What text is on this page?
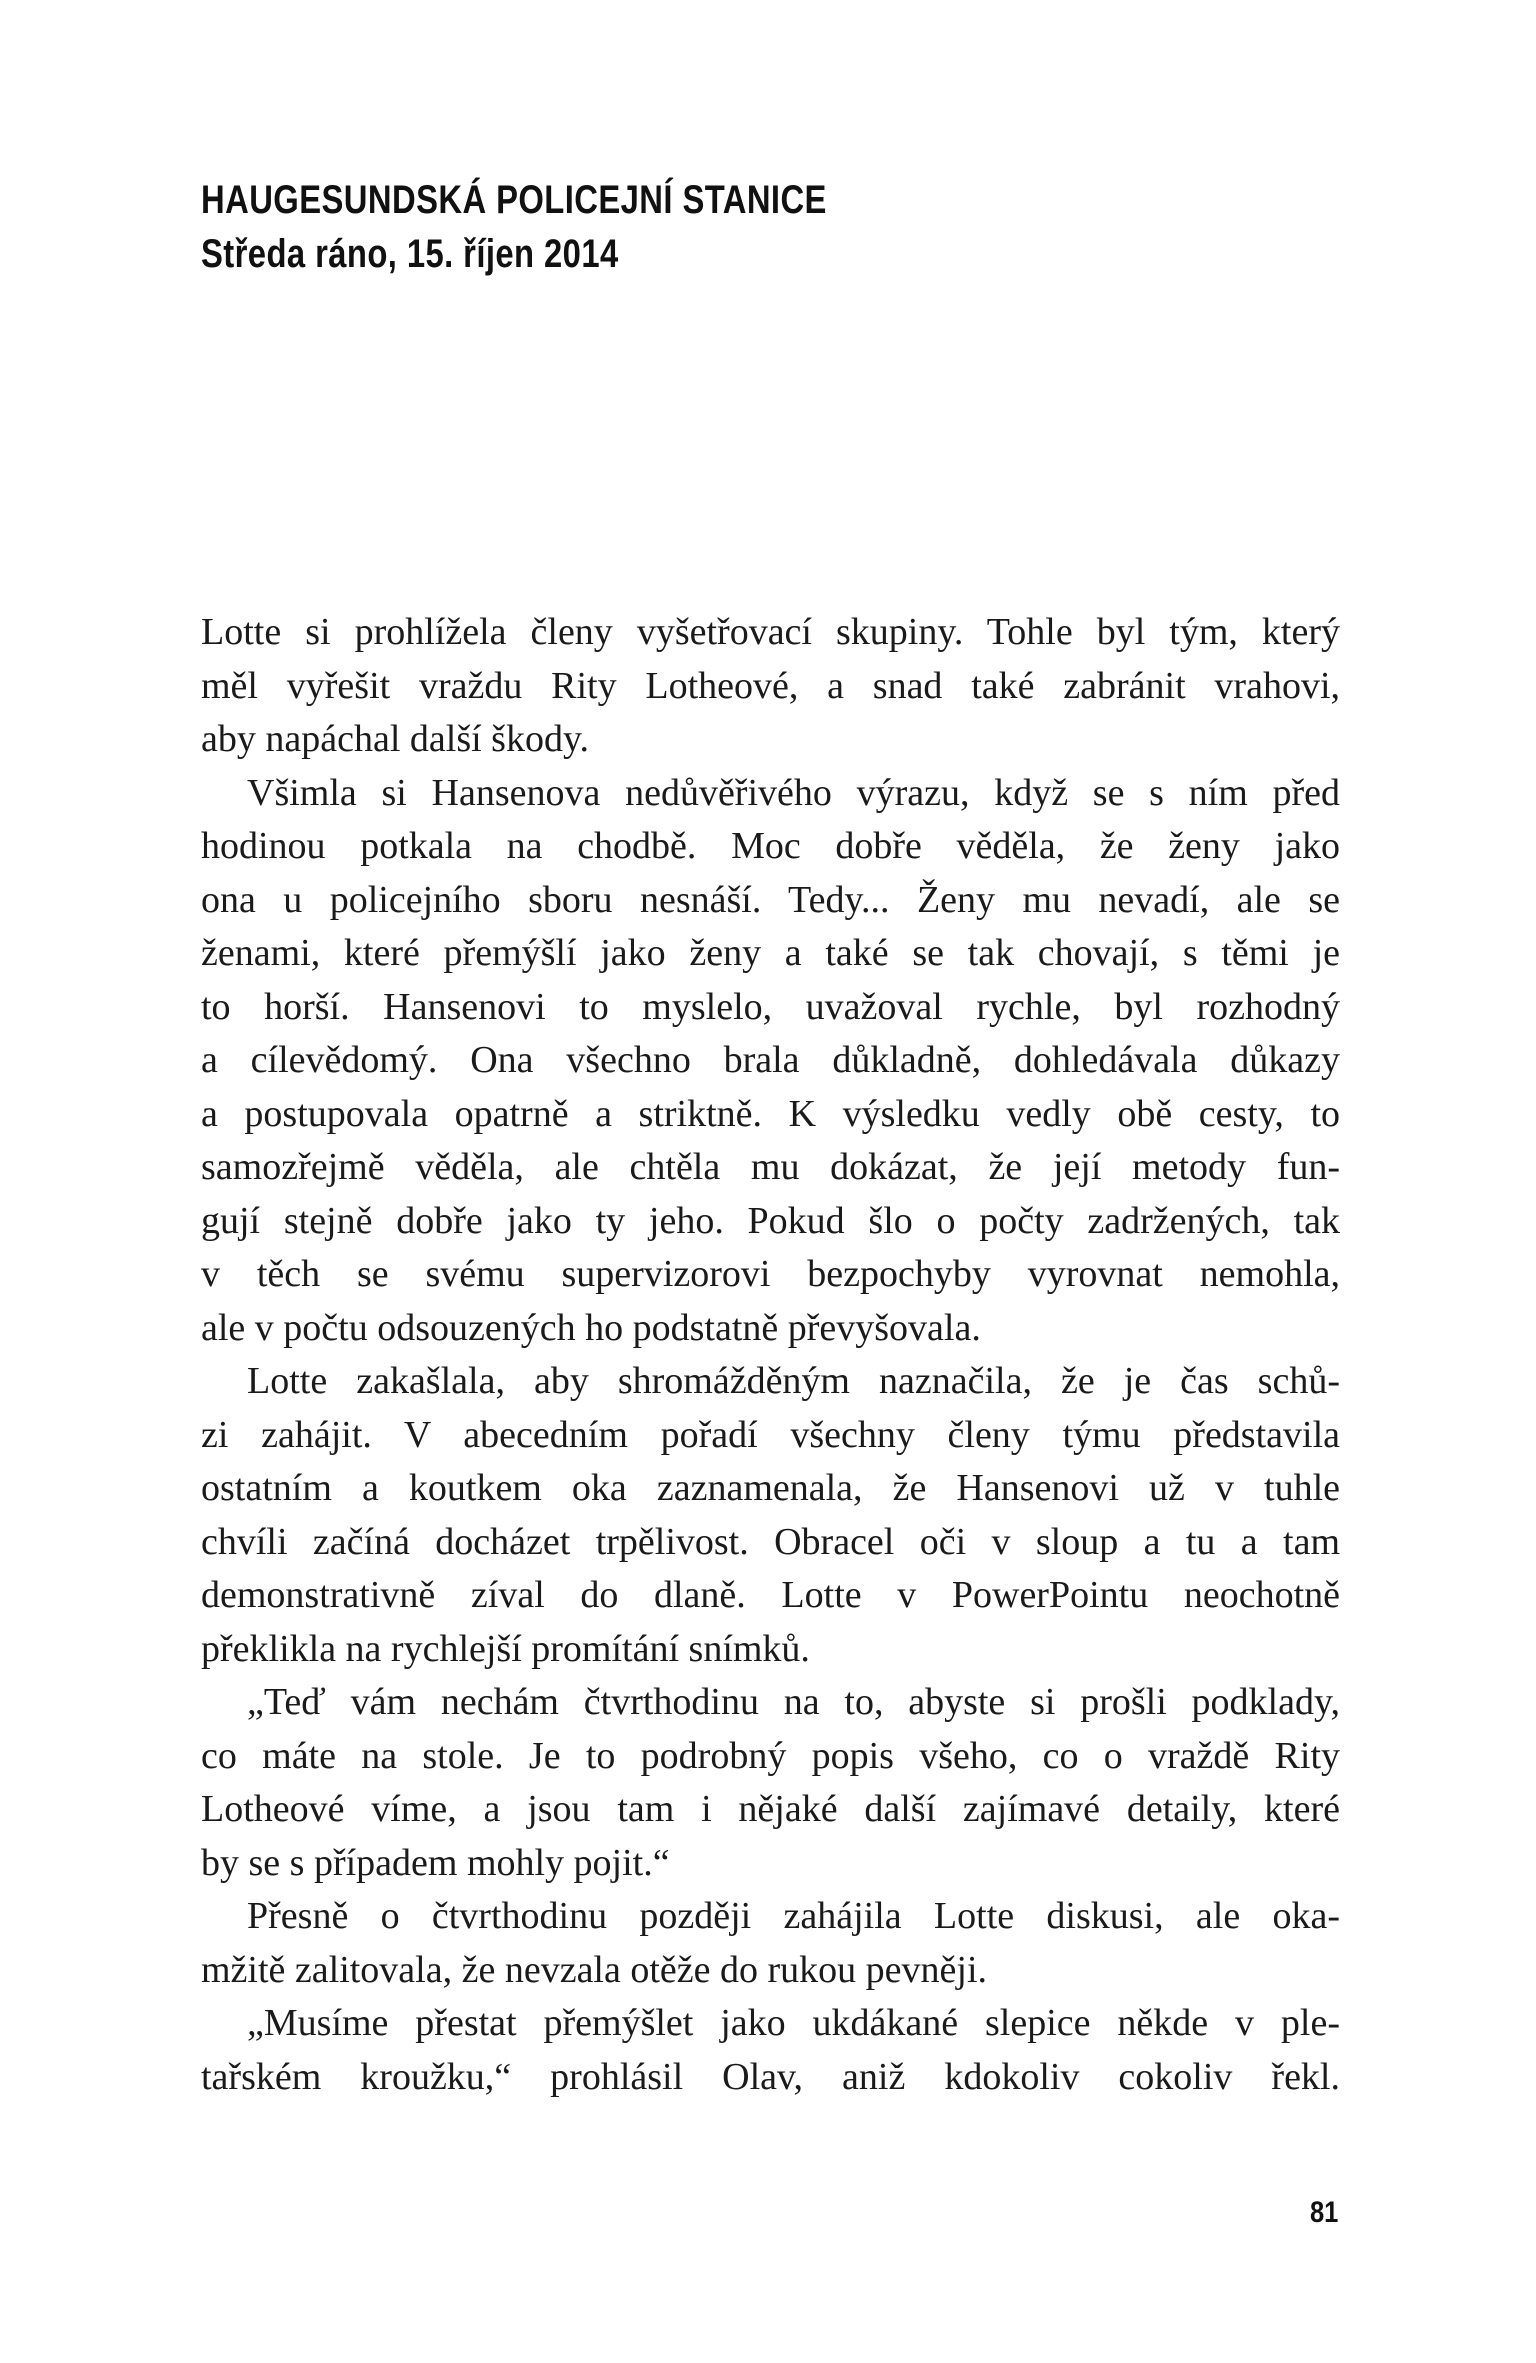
HAUGESUNDSKÁ POLICEJNÍ STANICE
Středa ráno, 15. říjen 2014
Lotte si prohlížela členy vyšetřovací skupiny. Tohle byl tým, který
měl vyřešit vraždu Rity Lotheové, a snad také zabránit vrahovi,
aby napáchal další škody.
Všimla si Hansenova nedůvěřivého výrazu, když se s ním před
hodinou potkala na chodbě. Moc dobře věděla, že ženy jako
ona u policejního sboru nesnáší. Tedy... Ženy mu nevadí, ale se
ženami, které přemýšlí jako ženy a také se tak chovají, s těmi je
to horší. Hansenovi to myslelo, uvažoval rychle, byl rozhodný
a cílevědomý. Ona všechno brala důkladně, dohledávala důkazy
a postupovala opatrně a striktně. K výsledku vedly obě cesty, to
samozřejmě věděla, ale chtěla mu dokázat, že její metody fun-
gují stejně dobře jako ty jeho. Pokud šlo o počty zadržených, tak
v těch se svému supervizorovi bezpochyby vyrovnat nemohla,
ale v počtu odsouzených ho podstatně převyšovala.
Lotte zakašlala, aby shromážděným naznačila, že je čas schů-
zi zahájit. V abecedním pořadí všechny členy týmu představila
ostatním a koutkem oka zaznamenala, že Hansenovi už v tuhle
chvíli začíná docházet trpělivost. Obracel oči v sloup a tu a tam
demonstrativně zíval do dlaně. Lotte v PowerPointu neochotně
překlikla na rychlejší promítání snímků.
„Teď vám nechám čtvrthodinu na to, abyste si prošli podklady,
co máte na stole. Je to podrobný popis všeho, co o vraždě Rity
Lotheové víme, a jsou tam i nějaké další zajímavé detaily, které
by se s případem mohly pojit.“
Přesně o čtvrthodinu později zahájila Lotte diskusi, ale oka-
mžitě zalitovala, že nevzala otěže do rukou pevněji.
„Musíme přestat přemýšlet jako ukdákané slepice někde v ple-
tařském kroužku,“ prohlásil Olav, aniž kdokoliv cokoliv řekl.
81
